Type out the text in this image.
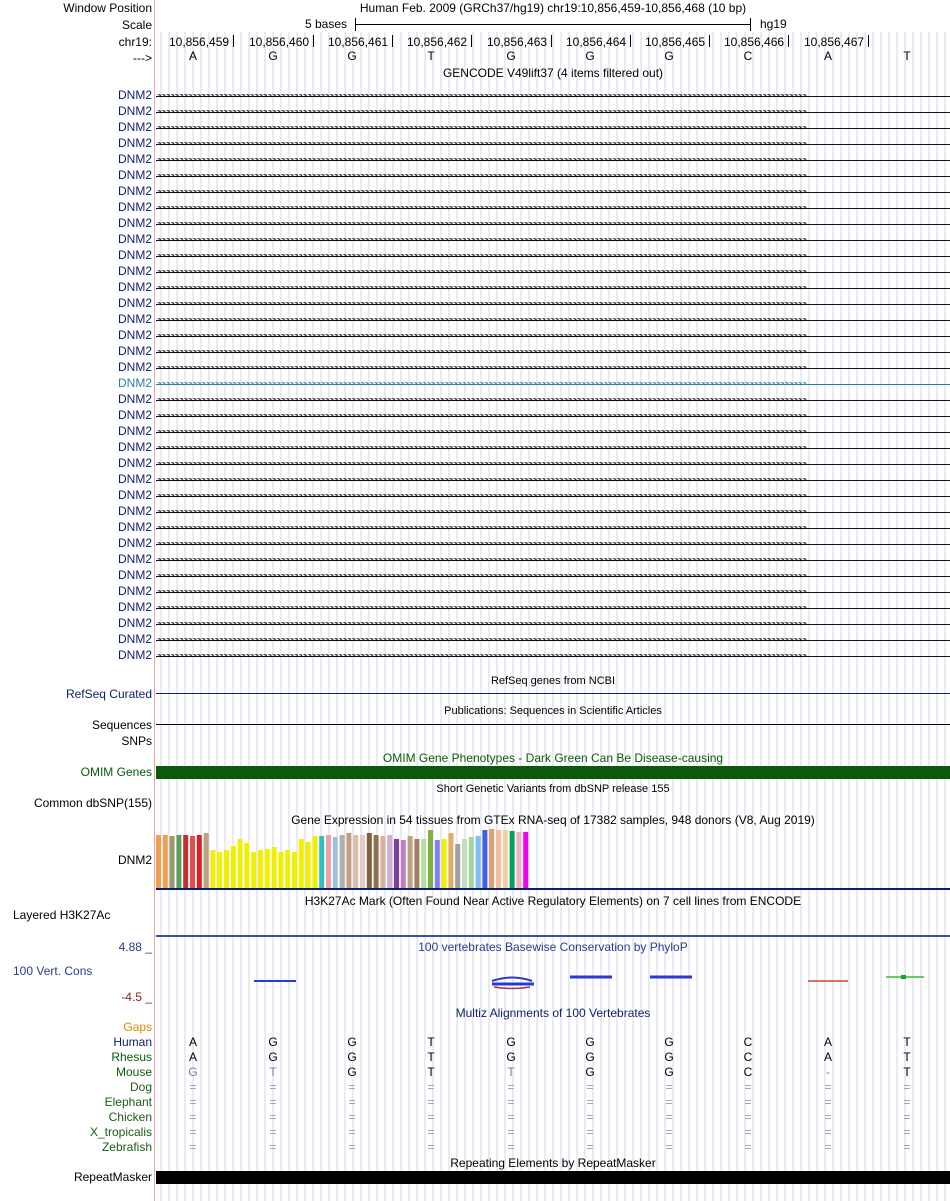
Window Position	Human Feb. 2009 (GRCh37/hg19) chr19:10,856,459-10,856,468 (10 bp)
Scale	5 bases	hg19
chr19: 10,856,459 10,856,460 10,856,461 10,856,462 10,856,463 10,856,464 10,856,465 10,856,466 10,856,467
--->	A	G	G	T	G	G	G	C	A	T
GENCODE V49lift37 (4 items filtered out)
DNM2 >>>>>>>>>>>>>>>>>>>>>>>>>>>>>>>>>>>>>>>>>>>>>>>>>>>>>>>>>>>>>>>>>>>>>>>>>>>>>>>>>>>>>>>>>>>>>>>>>>>>>>>>>>>>>>>>>>>>>>>>>>>>>>>>>>>>>>>>>>>>>>>>>>>
DNM2 >>>>>>>>>>>>>>>>>>>>>>>>>>>>>>>>>>>>>>>>>>>>>>>>>>>>>>>>>>>>>>>>>>>>>>>>>>>>>>>>>>>>>>>>>>>>>>>>>>>>>>>>>>>>>>>>>>>>>>>>>>>>>>>>>>>>>>>>>>>>>>>>>>>
DNM2 >>>>>>>>>>>>>>>>>>>>>>>>>>>>>>>>>>>>>>>>>>>>>>>>>>>>>>>>>>>>>>>>>>>>>>>>>>>>>>>>>>>>>>>>>>>>>>>>>>>>>>>>>>>>>>>>>>>>>>>>>>>>>>>>>>>>>>>>>>>>>>>>>>>
DNM2 >>>>>>>>>>>>>>>>>>>>>>>>>>>>>>>>>>>>>>>>>>>>>>>>>>>>>>>>>>>>>>>>>>>>>>>>>>>>>>>>>>>>>>>>>>>>>>>>>>>>>>>>>>>>>>>>>>>>>>>>>>>>>>>>>>>>>>>>>>>>>>>>>>>
DNM2 >>>>>>>>>>>>>>>>>>>>>>>>>>>>>>>>>>>>>>>>>>>>>>>>>>>>>>>>>>>>>>>>>>>>>>>>>>>>>>>>>>>>>>>>>>>>>>>>>>>>>>>>>>>>>>>>>>>>>>>>>>>>>>>>>>>>>>>>>>>>>>>>>>>
DNM2 >>>>>>>>>>>>>>>>>>>>>>>>>>>>>>>>>>>>>>>>>>>>>>>>>>>>>>>>>>>>>>>>>>>>>>>>>>>>>>>>>>>>>>>>>>>>>>>>>>>>>>>>>>>>>>>>>>>>>>>>>>>>>>>>>>>>>>>>>>>>>>>>>>>
DNM2 >>>>>>>>>>>>>>>>>>>>>>>>>>>>>>>>>>>>>>>>>>>>>>>>>>>>>>>>>>>>>>>>>>>>>>>>>>>>>>>>>>>>>>>>>>>>>>>>>>>>>>>>>>>>>>>>>>>>>>>>>>>>>>>>>>>>>>>>>>>>>>>>>>>
DNM2 >>>>>>>>>>>>>>>>>>>>>>>>>>>>>>>>>>>>>>>>>>>>>>>>>>>>>>>>>>>>>>>>>>>>>>>>>>>>>>>>>>>>>>>>>>>>>>>>>>>>>>>>>>>>>>>>>>>>>>>>>>>>>>>>>>>>>>>>>>>>>>>>>>>
DNM2 >>>>>>>>>>>>>>>>>>>>>>>>>>>>>>>>>>>>>>>>>>>>>>>>>>>>>>>>>>>>>>>>>>>>>>>>>>>>>>>>>>>>>>>>>>>>>>>>>>>>>>>>>>>>>>>>>>>>>>>>>>>>>>>>>>>>>>>>>>>>>>>>>>>
DNM2 >>>>>>>>>>>>>>>>>>>>>>>>>>>>>>>>>>>>>>>>>>>>>>>>>>>>>>>>>>>>>>>>>>>>>>>>>>>>>>>>>>>>>>>>>>>>>>>>>>>>>>>>>>>>>>>>>>>>>>>>>>>>>>>>>>>>>>>>>>>>>>>>>>>
DNM2 >>>>>>>>>>>>>>>>>>>>>>>>>>>>>>>>>>>>>>>>>>>>>>>>>>>>>>>>>>>>>>>>>>>>>>>>>>>>>>>>>>>>>>>>>>>>>>>>>>>>>>>>>>>>>>>>>>>>>>>>>>>>>>>>>>>>>>>>>>>>>>>>>>>
DNM2 >>>>>>>>>>>>>>>>>>>>>>>>>>>>>>>>>>>>>>>>>>>>>>>>>>>>>>>>>>>>>>>>>>>>>>>>>>>>>>>>>>>>>>>>>>>>>>>>>>>>>>>>>>>>>>>>>>>>>>>>>>>>>>>>>>>>>>>>>>>>>>>>>>>
DNM2 >>>>>>>>>>>>>>>>>>>>>>>>>>>>>>>>>>>>>>>>>>>>>>>>>>>>>>>>>>>>>>>>>>>>>>>>>>>>>>>>>>>>>>>>>>>>>>>>>>>>>>>>>>>>>>>>>>>>>>>>>>>>>>>>>>>>>>>>>>>>>>>>>>>
DNM2 >>>>>>>>>>>>>>>>>>>>>>>>>>>>>>>>>>>>>>>>>>>>>>>>>>>>>>>>>>>>>>>>>>>>>>>>>>>>>>>>>>>>>>>>>>>>>>>>>>>>>>>>>>>>>>>>>>>>>>>>>>>>>>>>>>>>>>>>>>>>>>>>>>>
DNM2 >>>>>>>>>>>>>>>>>>>>>>>>>>>>>>>>>>>>>>>>>>>>>>>>>>>>>>>>>>>>>>>>>>>>>>>>>>>>>>>>>>>>>>>>>>>>>>>>>>>>>>>>>>>>>>>>>>>>>>>>>>>>>>>>>>>>>>>>>>>>>>>>>>>
DNM2 >>>>>>>>>>>>>>>>>>>>>>>>>>>>>>>>>>>>>>>>>>>>>>>>>>>>>>>>>>>>>>>>>>>>>>>>>>>>>>>>>>>>>>>>>>>>>>>>>>>>>>>>>>>>>>>>>>>>>>>>>>>>>>>>>>>>>>>>>>>>>>>>>>>
DNM2 >>>>>>>>>>>>>>>>>>>>>>>>>>>>>>>>>>>>>>>>>>>>>>>>>>>>>>>>>>>>>>>>>>>>>>>>>>>>>>>>>>>>>>>>>>>>>>>>>>>>>>>>>>>>>>>>>>>>>>>>>>>>>>>>>>>>>>>>>>>>>>>>>>>
DNM2 >>>>>>>>>>>>>>>>>>>>>>>>>>>>>>>>>>>>>>>>>>>>>>>>>>>>>>>>>>>>>>>>>>>>>>>>>>>>>>>>>>>>>>>>>>>>>>>>>>>>>>>>>>>>>>>>>>>>>>>>>>>>>>>>>>>>>>>>>>>>>>>>>>>
DNM2 >>>>>>>>>>>>>>>>>>>>>>>>>>>>>>>>>>>>>>>>>>>>>>>>>>>>>>>>>>>>>>>>>>>>>>>>>>>>>>>>>>>>>>>>>>>>>>>>>>>>>>>>>>>>>>>>>>>>>>>>>>>>>>>>>>>>>>>>>>>>>>>>>>>
DNM2 >>>>>>>>>>>>>>>>>>>>>>>>>>>>>>>>>>>>>>>>>>>>>>>>>>>>>>>>>>>>>>>>>>>>>>>>>>>>>>>>>>>>>>>>>>>>>>>>>>>>>>>>>>>>>>>>>>>>>>>>>>>>>>>>>>>>>>>>>>>>>>>>>>>
DNM2 >>>>>>>>>>>>>>>>>>>>>>>>>>>>>>>>>>>>>>>>>>>>>>>>>>>>>>>>>>>>>>>>>>>>>>>>>>>>>>>>>>>>>>>>>>>>>>>>>>>>>>>>>>>>>>>>>>>>>>>>>>>>>>>>>>>>>>>>>>>>>>>>>>>
DNM2 >>>>>>>>>>>>>>>>>>>>>>>>>>>>>>>>>>>>>>>>>>>>>>>>>>>>>>>>>>>>>>>>>>>>>>>>>>>>>>>>>>>>>>>>>>>>>>>>>>>>>>>>>>>>>>>>>>>>>>>>>>>>>>>>>>>>>>>>>>>>>>>>>>>
DNM2 >>>>>>>>>>>>>>>>>>>>>>>>>>>>>>>>>>>>>>>>>>>>>>>>>>>>>>>>>>>>>>>>>>>>>>>>>>>>>>>>>>>>>>>>>>>>>>>>>>>>>>>>>>>>>>>>>>>>>>>>>>>>>>>>>>>>>>>>>>>>>>>>>>>
DNM2 >>>>>>>>>>>>>>>>>>>>>>>>>>>>>>>>>>>>>>>>>>>>>>>>>>>>>>>>>>>>>>>>>>>>>>>>>>>>>>>>>>>>>>>>>>>>>>>>>>>>>>>>>>>>>>>>>>>>>>>>>>>>>>>>>>>>>>>>>>>>>>>>>>>
DNM2 >>>>>>>>>>>>>>>>>>>>>>>>>>>>>>>>>>>>>>>>>>>>>>>>>>>>>>>>>>>>>>>>>>>>>>>>>>>>>>>>>>>>>>>>>>>>>>>>>>>>>>>>>>>>>>>>>>>>>>>>>>>>>>>>>>>>>>>>>>>>>>>>>>>
DNM2 >>>>>>>>>>>>>>>>>>>>>>>>>>>>>>>>>>>>>>>>>>>>>>>>>>>>>>>>>>>>>>>>>>>>>>>>>>>>>>>>>>>>>>>>>>>>>>>>>>>>>>>>>>>>>>>>>>>>>>>>>>>>>>>>>>>>>>>>>>>>>>>>>>>
DNM2 >>>>>>>>>>>>>>>>>>>>>>>>>>>>>>>>>>>>>>>>>>>>>>>>>>>>>>>>>>>>>>>>>>>>>>>>>>>>>>>>>>>>>>>>>>>>>>>>>>>>>>>>>>>>>>>>>>>>>>>>>>>>>>>>>>>>>>>>>>>>>>>>>>>
DNM2 >>>>>>>>>>>>>>>>>>>>>>>>>>>>>>>>>>>>>>>>>>>>>>>>>>>>>>>>>>>>>>>>>>>>>>>>>>>>>>>>>>>>>>>>>>>>>>>>>>>>>>>>>>>>>>>>>>>>>>>>>>>>>>>>>>>>>>>>>>>>>>>>>>>
DNM2 >>>>>>>>>>>>>>>>>>>>>>>>>>>>>>>>>>>>>>>>>>>>>>>>>>>>>>>>>>>>>>>>>>>>>>>>>>>>>>>>>>>>>>>>>>>>>>>>>>>>>>>>>>>>>>>>>>>>>>>>>>>>>>>>>>>>>>>>>>>>>>>>>>>
DNM2 >>>>>>>>>>>>>>>>>>>>>>>>>>>>>>>>>>>>>>>>>>>>>>>>>>>>>>>>>>>>>>>>>>>>>>>>>>>>>>>>>>>>>>>>>>>>>>>>>>>>>>>>>>>>>>>>>>>>>>>>>>>>>>>>>>>>>>>>>>>>>>>>>>>
DNM2 >>>>>>>>>>>>>>>>>>>>>>>>>>>>>>>>>>>>>>>>>>>>>>>>>>>>>>>>>>>>>>>>>>>>>>>>>>>>>>>>>>>>>>>>>>>>>>>>>>>>>>>>>>>>>>>>>>>>>>>>>>>>>>>>>>>>>>>>>>>>>>>>>>>
DNM2 >>>>>>>>>>>>>>>>>>>>>>>>>>>>>>>>>>>>>>>>>>>>>>>>>>>>>>>>>>>>>>>>>>>>>>>>>>>>>>>>>>>>>>>>>>>>>>>>>>>>>>>>>>>>>>>>>>>>>>>>>>>>>>>>>>>>>>>>>>>>>>>>>>>
DNM2 >>>>>>>>>>>>>>>>>>>>>>>>>>>>>>>>>>>>>>>>>>>>>>>>>>>>>>>>>>>>>>>>>>>>>>>>>>>>>>>>>>>>>>>>>>>>>>>>>>>>>>>>>>>>>>>>>>>>>>>>>>>>>>>>>>>>>>>>>>>>>>>>>>>
DNM2 >>>>>>>>>>>>>>>>>>>>>>>>>>>>>>>>>>>>>>>>>>>>>>>>>>>>>>>>>>>>>>>>>>>>>>>>>>>>>>>>>>>>>>>>>>>>>>>>>>>>>>>>>>>>>>>>>>>>>>>>>>>>>>>>>>>>>>>>>>>>>>>>>>>
DNM2 >>>>>>>>>>>>>>>>>>>>>>>>>>>>>>>>>>>>>>>>>>>>>>>>>>>>>>>>>>>>>>>>>>>>>>>>>>>>>>>>>>>>>>>>>>>>>>>>>>>>>>>>>>>>>>>>>>>>>>>>>>>>>>>>>>>>>>>>>>>>>>>>>>>
DNM2 >>>>>>>>>>>>>>>>>>>>>>>>>>>>>>>>>>>>>>>>>>>>>>>>>>>>>>>>>>>>>>>>>>>>>>>>>>>>>>>>>>>>>>>>>>>>>>>>>>>>>>>>>>>>>>>>>>>>>>>>>>>>>>>>>>>>>>>>>>>>>>>>>>>
RefSeq genes from NCBI
RefSeq Curated
Publications: Sequences in Scientific Articles
Sequences
SNPs
OMIM Gene Phenotypes - Dark Green Can Be Disease-causing
OMIM Genes
Short Genetic Variants from dbSNP release 155
Common dbSNP(155)
Gene Expression in 54 tissues from GTEx RNA-seq of 17382 samples, 948 donors (V8, Aug 2019)
DNM2
H3K27Ac Mark (Often Found Near Active Regulatory Elements) on 7 cell lines from ENCODE
Layered H3K27Ac
100 vertebrates Basewise Conservation by PhyloP
4.88 _
100 Vert. Cons
-4.5 _
Multiz Alignments of 100 Vertebrates
Gaps
Human	A	G	G	T	G	G	G	C	A	T
Rhesus	A	G	G	T	G	G	G	C	A	T
Mouse	G	T	G	T	T	G	G	C	-	T
Dog	=	=	=	=	=	=	=	=	=	=
Elephant	=	=	=	=	=	=	=	=	=	=
Chicken	=	=	=	=	=	=	=	=	=	=
X_tropicalis	=	=	=	=	=	=	=	=	=	=
Zebrafish	=	=	=	=	=	=	=	=	=	=
Repeating Elements by RepeatMasker
RepeatMasker
